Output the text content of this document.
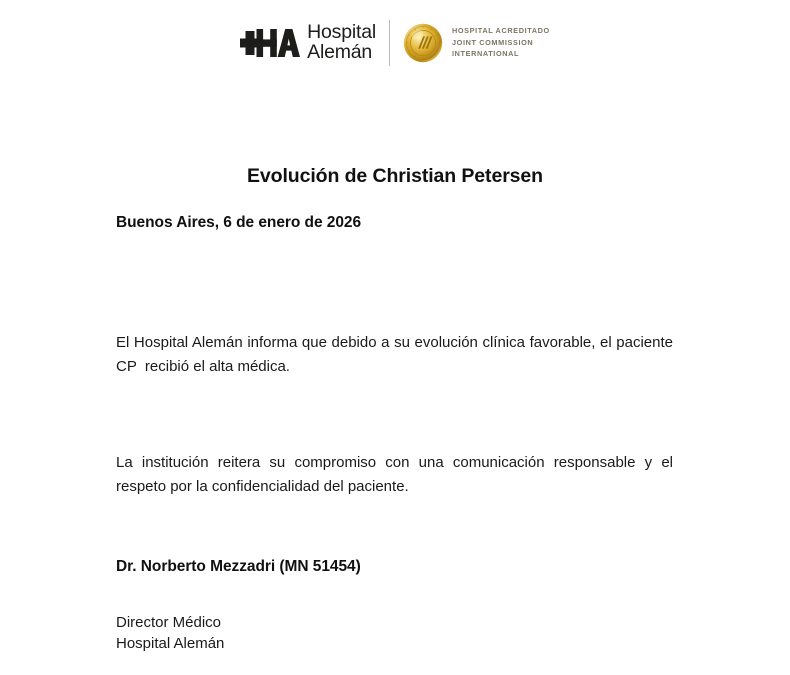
Hospital
Alemán
HOSPITAL ACREDITADO
JOINT COMMISSION
INTERNATIONAL
Evolución de Christian Petersen
Buenos Aires, 6 de enero de 2026

El Hospital Alemán informa que debido a su evolución clínica favorable, el paciente CP  recibió el alta médica.

La institución reitera su compromiso con una comunicación responsable y el respeto por la confidencialidad del paciente.

Dr. Norberto Mezzadri (MN 51454)
Director Médico
Hospital Alemán
